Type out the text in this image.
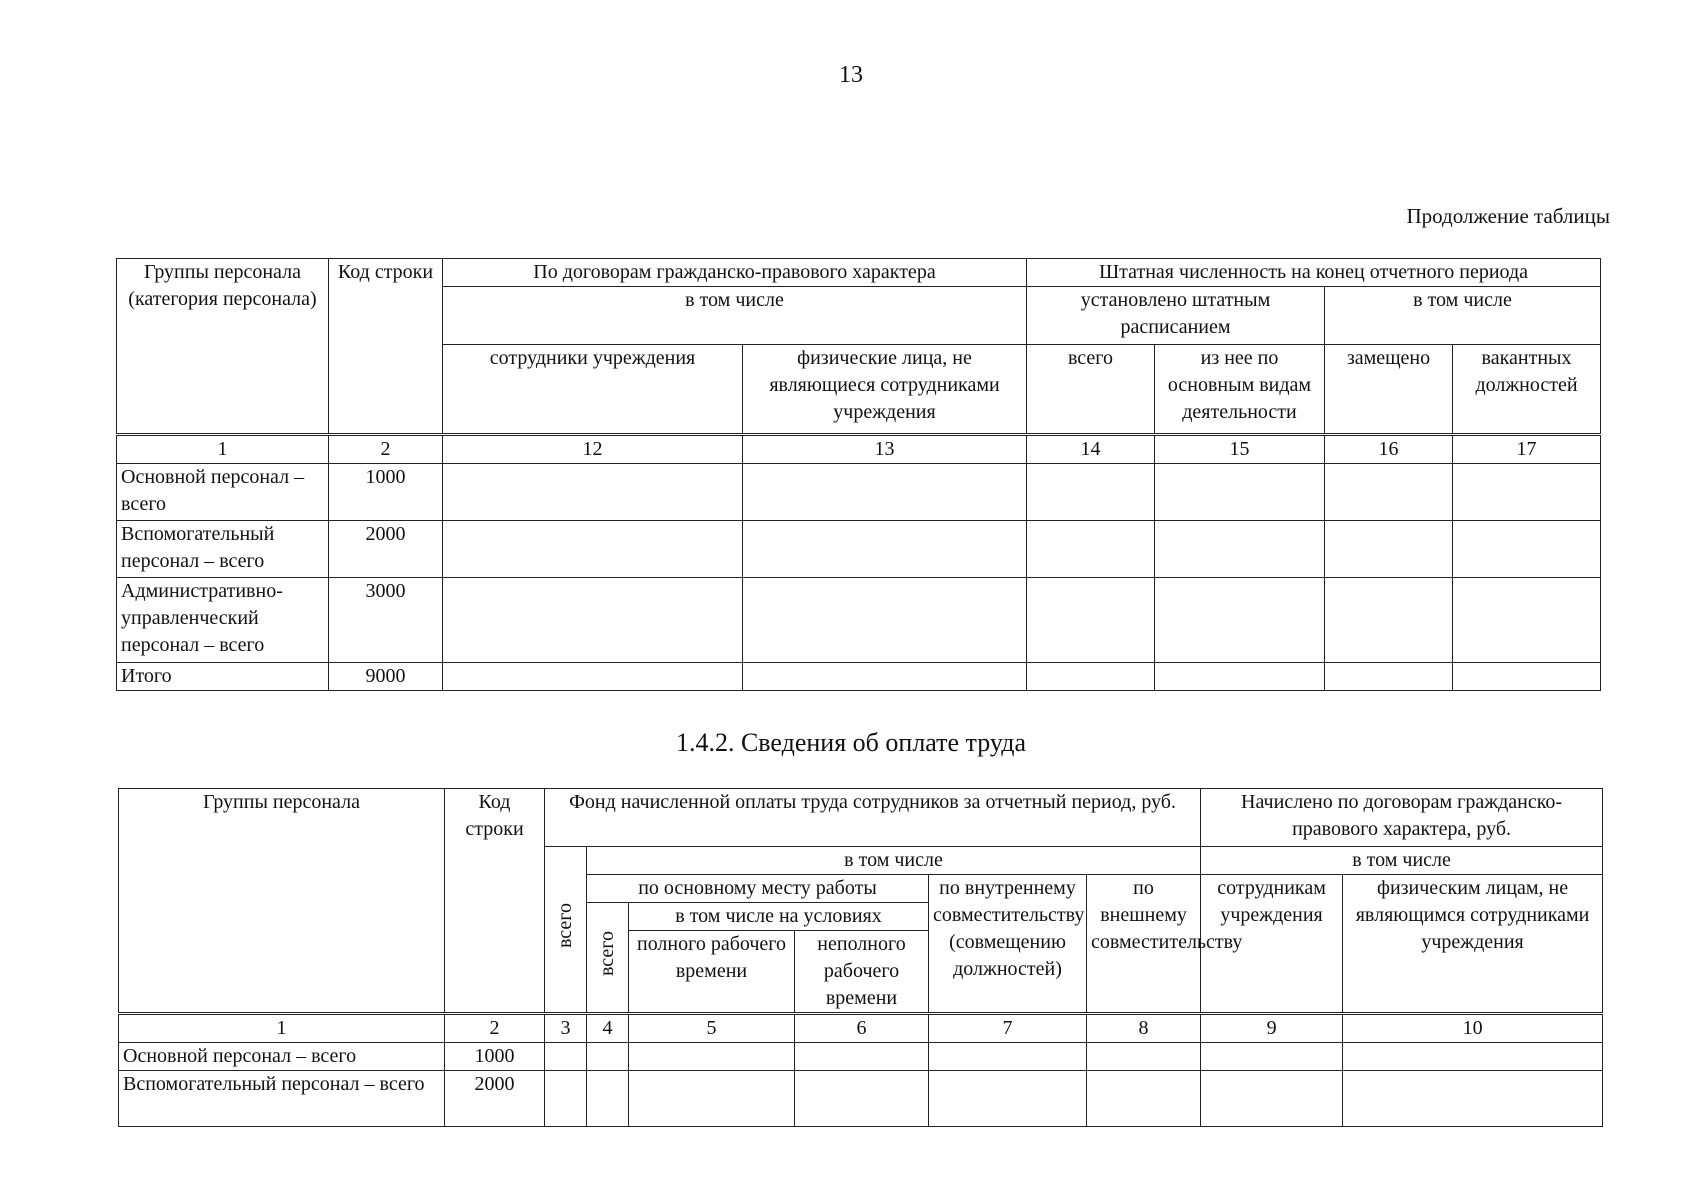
13
Продолжение таблицы
Группы персонала (категория персонала)	Код строки	По договорам гражданско-правового характера		Штатная численность на конец отчетного периода			
		в том числе		установлено штатным расписанием		в том числе	
		сотрудники учреждения	физические лица, не являющиеся сотрудниками учреждения	всего	из нее по основным видам деятельности	замещено	вакантных должностей
1	2	12	13	14	15	16	17
Основной персонал – всего	1000						
Вспомогательный персонал – всего	2000						
Административно-управленческий персонал – всего	3000						
Итого	9000						
1.4.2. Сведения об оплате труда
Группы персонала	Код строки	Фонд начисленной оплаты труда сотрудников за отчетный период, руб.						Начислено по договорам гражданско-правового характера, руб.	
		всего	в том числе					в том числе	
			по основному месту работы			по внутреннему совместительству (совмещению должностей)	по внешнему совместительству	сотрудникам учреждения	физическим лицам, не являющимся сотрудниками учреждения
			всего	в том числе на условиях					
				полного рабочего времени	неполного рабочего времени				

1	2	3	4	5	6	7	8	9	10
Основной персонал – всего	1000								
Вспомогательный персонал – всего	2000								
